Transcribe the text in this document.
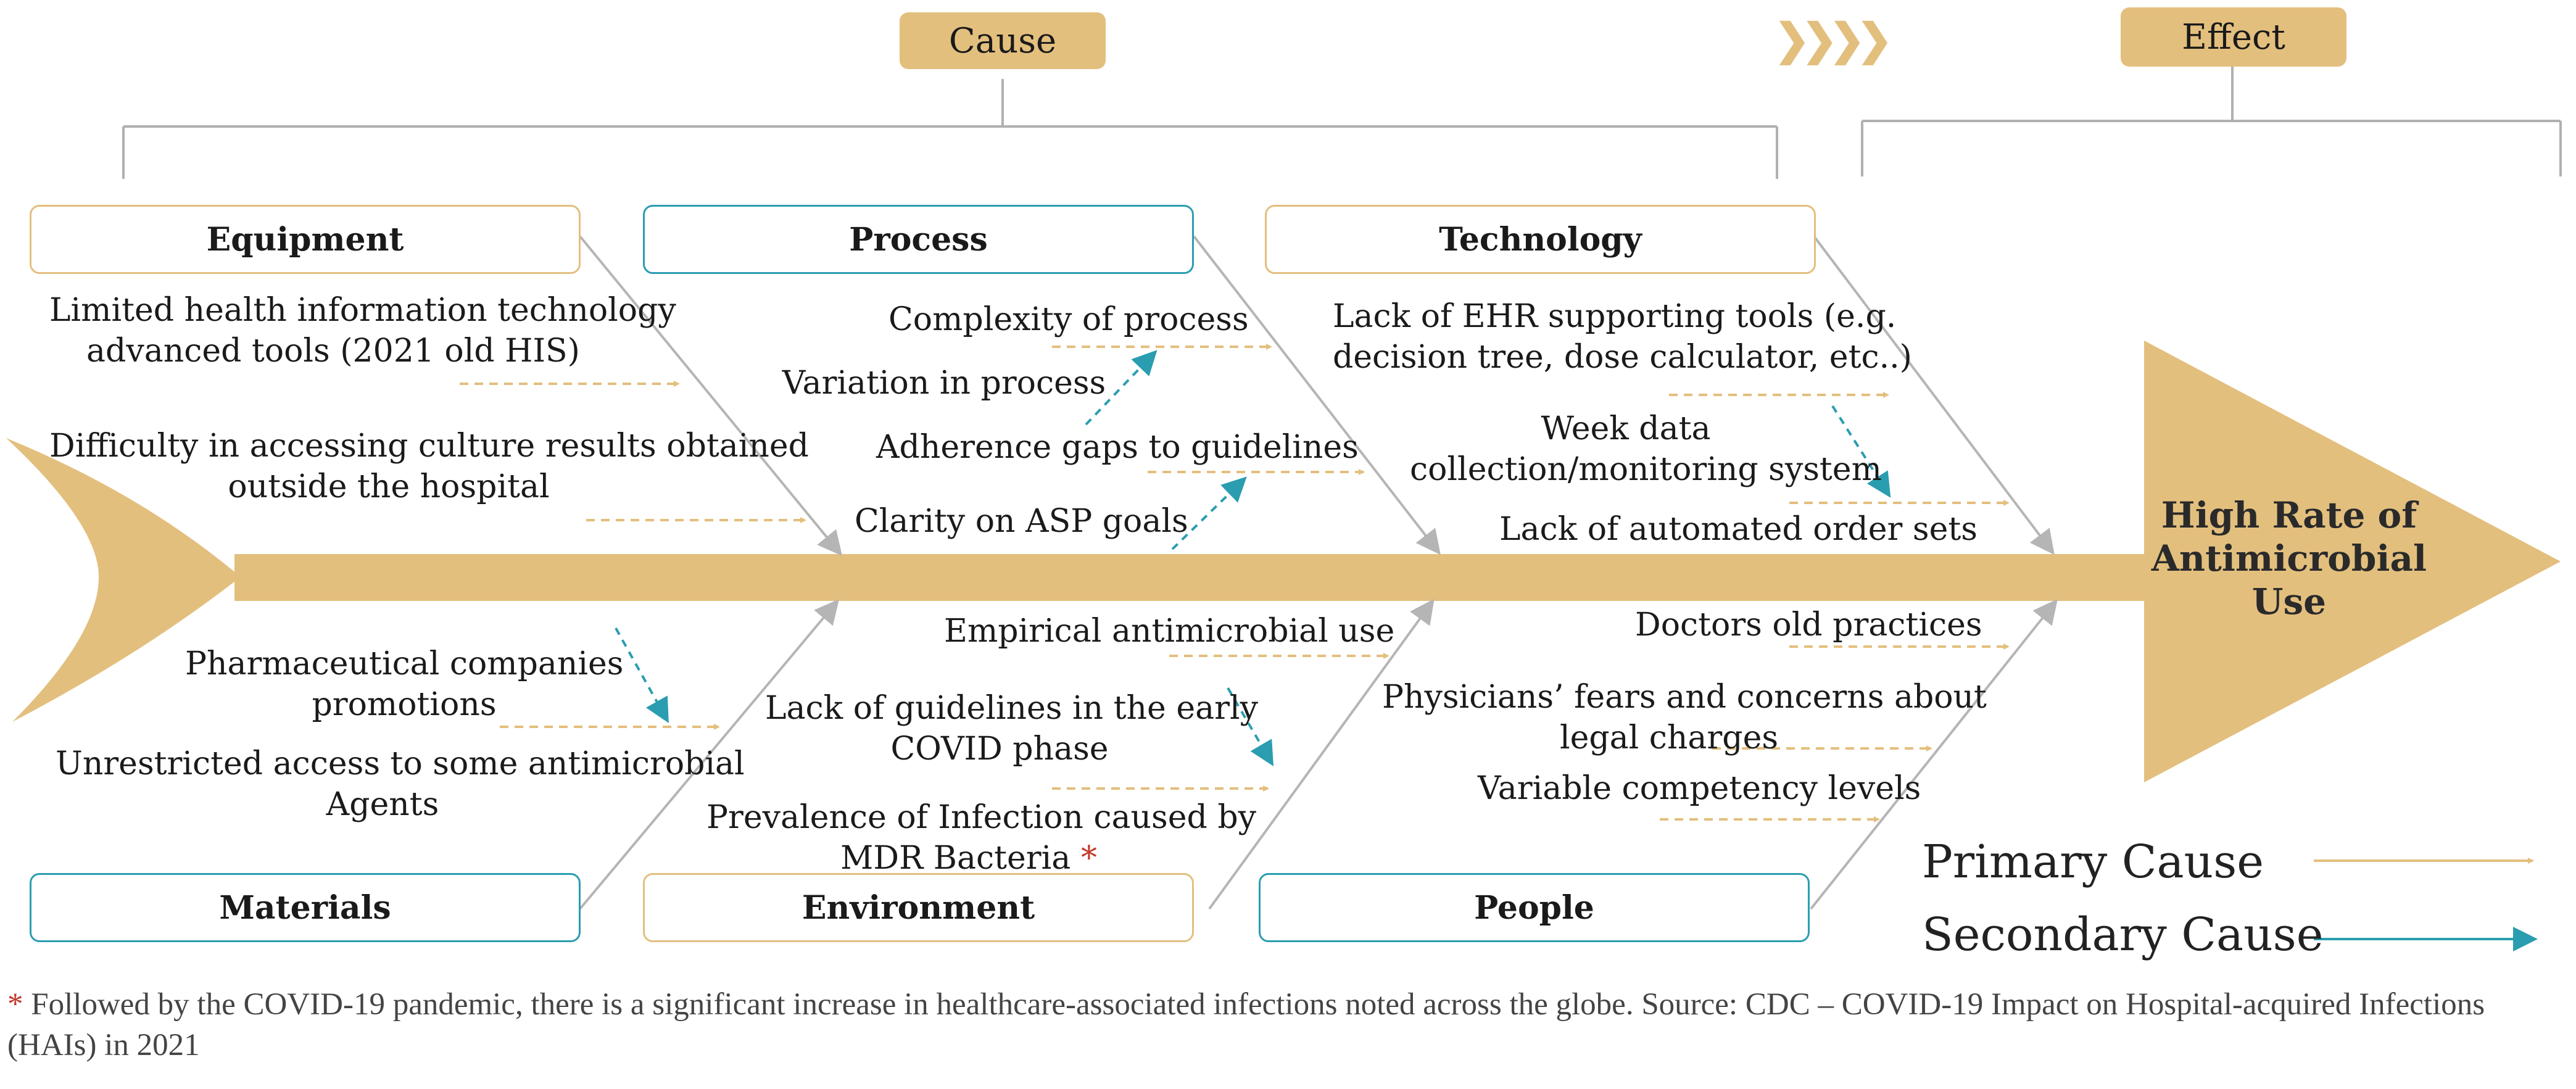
Cause	❯❯❯❯	Effect
High Rate of Antimicrobial Use
Equipment	Process	Technology
Materials	Environment	People
Limited health information technology
advanced tools (2021 old HIS)
Difficulty in accessing culture results obtained
outside the hospital
Complexity of process
Variation in process
Adherence gaps to guidelines
Clarity on ASP goals
Lack of EHR supporting tools (e.g.
decision tree, dose calculator, etc..)
Week data
collection/monitoring system
Lack of automated order sets
Pharmaceutical companies
promotions
Unrestricted access to some antimicrobial
Agents
Empirical antimicrobial use
Lack of guidelines in the early
COVID phase
Prevalence of Infection caused by
MDR Bacteria *
Doctors old practices
Physicians’ fears and concerns about
legal charges
Variable competency levels
Primary Cause
Secondary Cause
* Followed by the COVID-19 pandemic, there is a significant increase in healthcare-associated infections noted across the globe. Source: CDC – COVID-19 Impact on Hospital-acquired Infections (HAIs) in 2021
